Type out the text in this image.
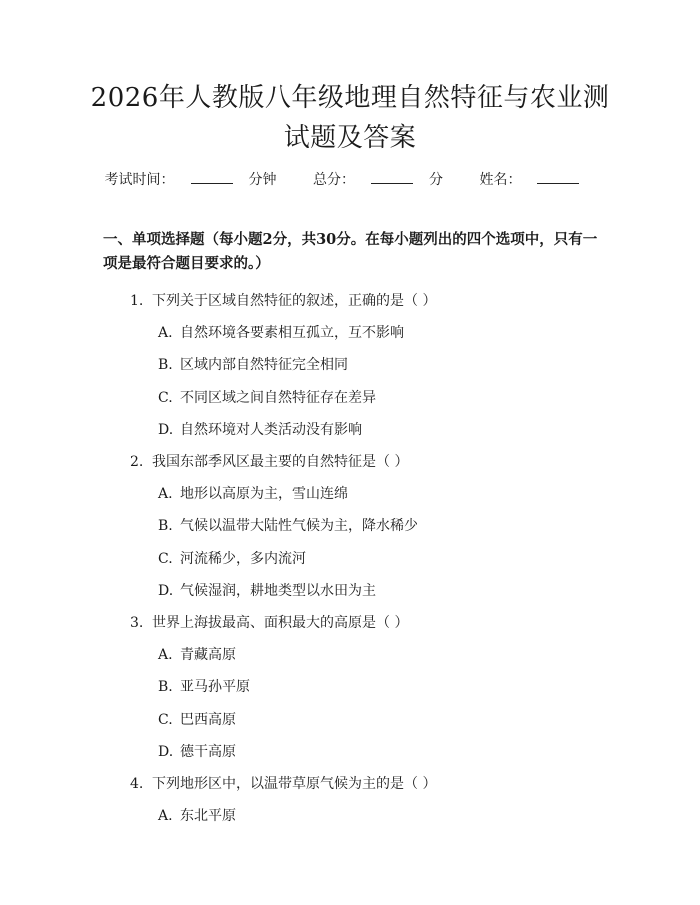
2026年人教版八年级地理自然特征与农业测
试题及答案
考试时间：	分钟	总分：	分	姓名：
一、单项选择题（每小题2分，共30分。在每小题列出的四个选项中，只有一项是最符合题目要求的。）
1. 下列关于区域自然特征的叙述，正确的是（ ）
A. 自然环境各要素相互孤立，互不影响
B. 区域内部自然特征完全相同
C. 不同区域之间自然特征存在差异
D. 自然环境对人类活动没有影响
2. 我国东部季风区最主要的自然特征是（ ）
A. 地形以高原为主，雪山连绵
B. 气候以温带大陆性气候为主，降水稀少
C. 河流稀少，多内流河
D. 气候湿润，耕地类型以水田为主
3. 世界上海拔最高、面积最大的高原是（ ）
A. 青藏高原
B. 亚马孙平原
C. 巴西高原
D. 德干高原
4. 下列地形区中，以温带草原气候为主的是（ ）
A. 东北平原
